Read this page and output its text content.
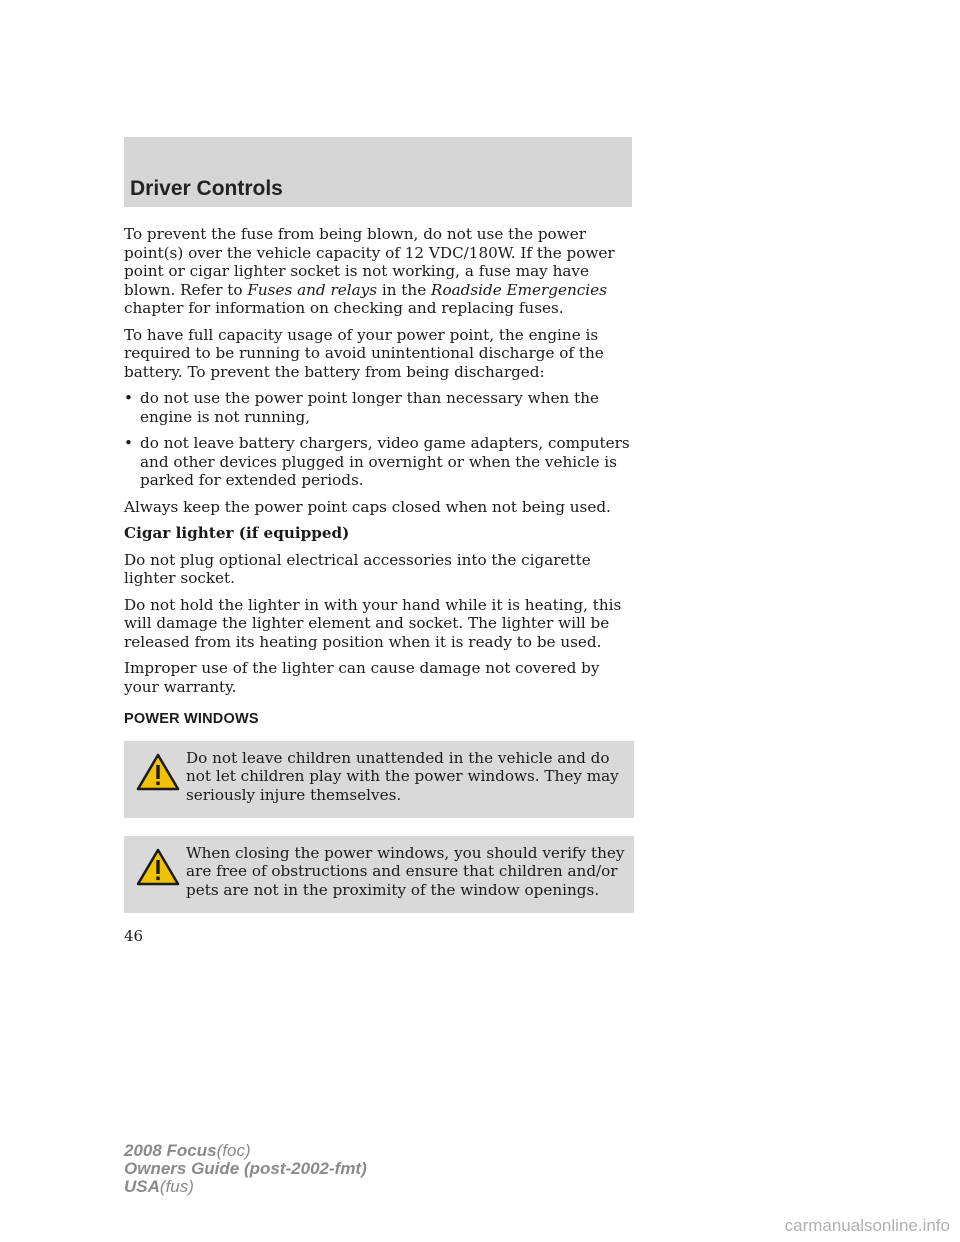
Driver Controls

To prevent the fuse from being blown, do not use the power point(s) over the vehicle capacity of 12 VDC/180W. If the power point or cigar lighter socket is not working, a fuse may have blown. Refer to Fuses and relays in the Roadside Emergencies chapter for information on checking and replacing fuses.

To have full capacity usage of your power point, the engine is required to be running to avoid unintentional discharge of the battery. To prevent the battery from being discharged:

• do not use the power point longer than necessary when the engine is not running,
• do not leave battery chargers, video game adapters, computers and other devices plugged in overnight or when the vehicle is parked for extended periods.

Always keep the power point caps closed when not being used.

Cigar lighter (if equipped)

Do not plug optional electrical accessories into the cigarette lighter socket.

Do not hold the lighter in with your hand while it is heating, this will damage the lighter element and socket. The lighter will be released from its heating position when it is ready to be used.

Improper use of the lighter can cause damage not covered by your warranty.

POWER WINDOWS
Do not leave children unattended in the vehicle and do not let children play with the power windows. They may seriously injure themselves.
When closing the power windows, you should verify they are free of obstructions and ensure that children and/or pets are not in the proximity of the window openings.
46
2008 Focus(foc)
Owners Guide (post-2002-fmt)
USA(fus)
carmanualsonline.info
